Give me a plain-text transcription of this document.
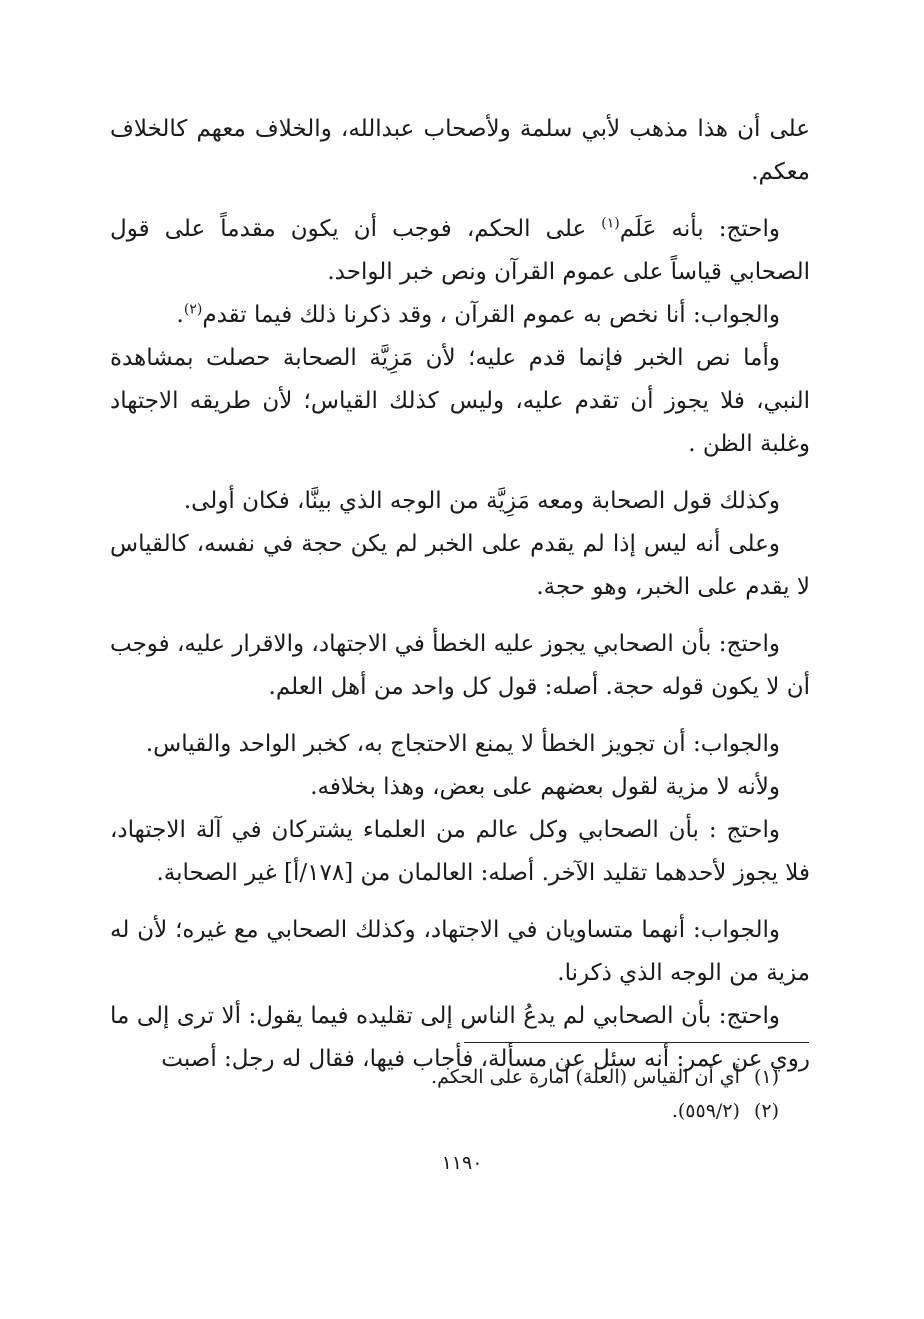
على أن هذا مذهب لأبي سلمة ولأصحاب عبدالله، والخلاف معهم كالخلاف معكم.

واحتج: بأنه عَلَم$^{(١)}$ على الحكم، فوجب أن يكون مقدماً على قول الصحابي قياساً على عموم القرآن ونص خبر الواحد.

والجواب: أنا نخص به عموم القرآن ، وقد ذكرنا ذلك فيما تقدم$^{(٢)}$.

وأما نص الخبر فإنما قدم عليه؛ لأن مَزِيَّة الصحابة حصلت بمشاهدة النبي، فلا يجوز أن تقدم عليه، وليس كذلك القياس؛ لأن طريقه الاجتهاد وغلبة الظن .

وكذلك قول الصحابة ومعه مَزِيَّة من الوجه الذي بينَّا، فكان أولى.

وعلى أنه ليس إذا لم يقدم على الخبر لم يكن حجة في نفسه، كالقياس لا يقدم على الخبر، وهو حجة.

واحتج: بأن الصحابي يجوز عليه الخطأ في الاجتهاد، والاقرار عليه، فوجب أن لا يكون قوله حجة. أصله: قول كل واحد من أهل العلم.

والجواب: أن تجويز الخطأ لا يمنع الاحتجاج به، كخبر الواحد والقياس.

ولأنه لا مزية لقول بعضهم على بعض، وهذا بخلافه.

واحتج : بأن الصحابي وكل عالم من العلماء يشتركان في آلة الاجتهاد، فلا يجوز لأحدهما تقليد الآخر. أصله: العالمان من [١٧٨/أ] غير الصحابة.

والجواب: أنهما متساويان في الاجتهاد، وكذلك الصحابي مع غيره؛ لأن له مزية من الوجه الذي ذكرنا.

واحتج: بأن الصحابي لم يدعُ الناس إلى تقليده فيما يقول: ألا ترى إلى ما روي عن عمر: أنه سئل عن مسألة، فأجاب فيها، فقال له رجل: أصبت

(١)أي أن القياس (العلة) أمارة على الحكم.

(٢)(٥٥٩/٢).

١١٩٠
